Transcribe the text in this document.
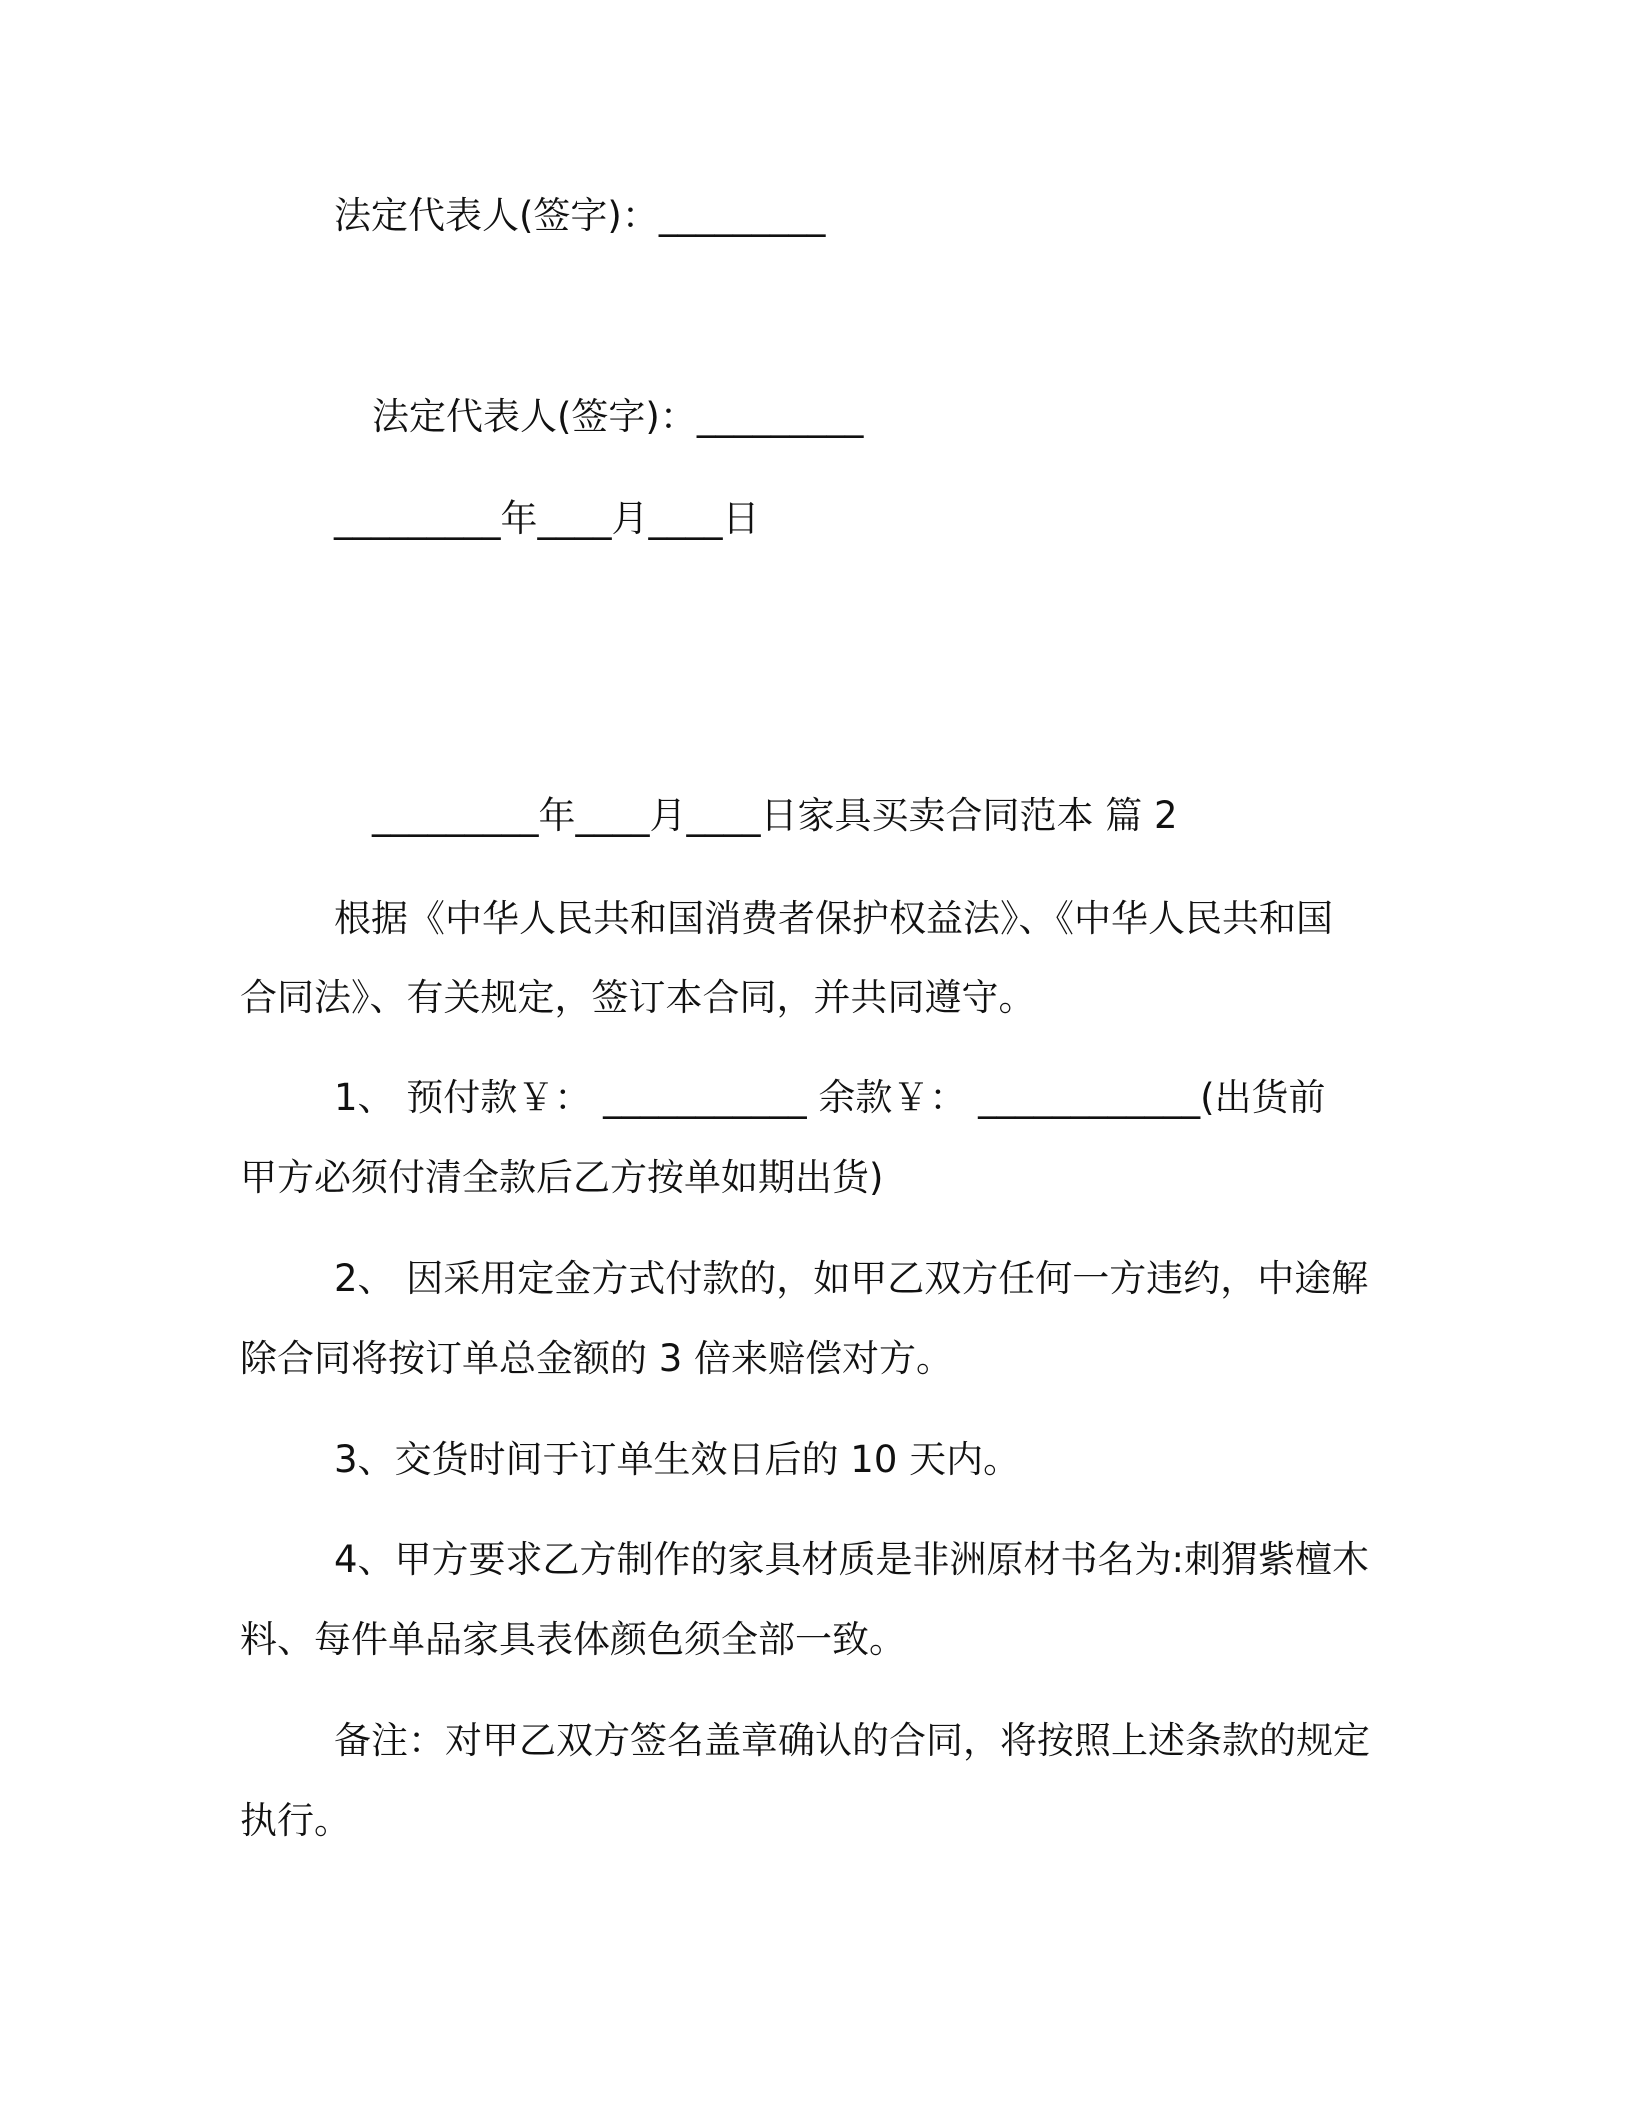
法定代表人(签字)：_________
法定代表人(签字)：_________
_________年____月____日
_________年____月____日家具买卖合同范本 篇 2
根据《中华人民共和国消费者保护权益法》、《中华人民共和国
合同法》、有关规定，签订本合同，并共同遵守。
1、 预付款￥： ___________ 余款￥： ____________(出货前
甲方必须付清全款后乙方按单如期出货)
2、 因采用定金方式付款的，如甲乙双方任何一方违约，中途解
除合同将按订单总金额的 3 倍来赔偿对方。
3、交货时间于订单生效日后的 10 天内。
4、甲方要求乙方制作的家具材质是非洲原材书名为:刺猬紫檀木
料、每件单品家具表体颜色须全部一致。
备注：对甲乙双方签名盖章确认的合同，将按照上述条款的规定
执行。
